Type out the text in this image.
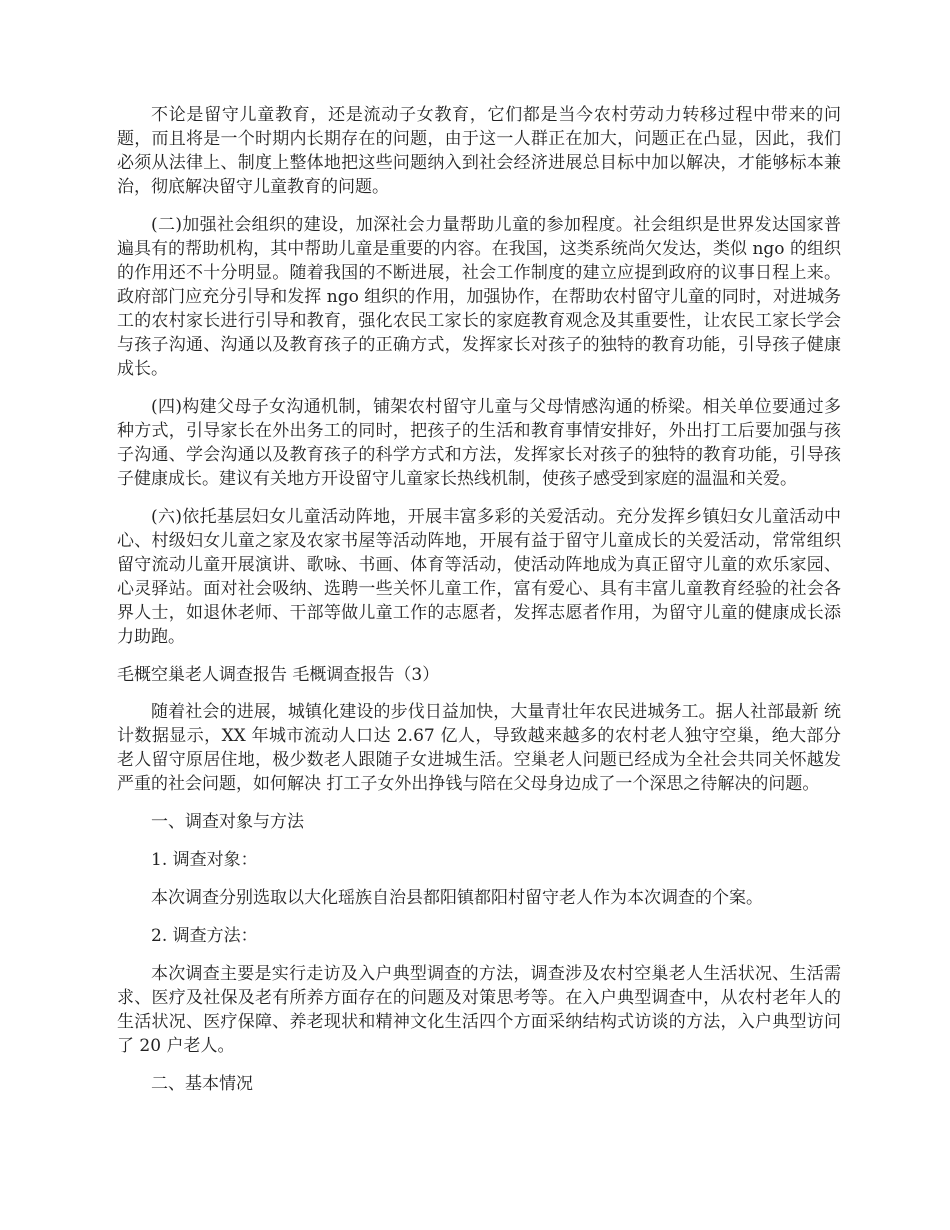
不论是留守儿童教育，还是流动子女教育，它们都是当今农村劳动力转移过程中带来的问题，而且将是一个时期内长期存在的问题，由于这一人群正在加大，问题正在凸显，因此，我们必须从法律上、制度上整体地把这些问题纳入到社会经济进展总目标中加以解决，才能够标本兼治，彻底解决留守儿童教育的问题。

(二)加强社会组织的建设，加深社会力量帮助儿童的参加程度。社会组织是世界发达国家普遍具有的帮助机构，其中帮助儿童是重要的内容。在我国，这类系统尚欠发达，类似 ngo 的组织的作用还不十分明显。随着我国的不断进展，社会工作制度的建立应提到政府的议事日程上来。政府部门应充分引导和发挥 ngo 组织的作用，加强协作，在帮助农村留守儿童的同时，对进城务工的农村家长进行引导和教育，强化农民工家长的家庭教育观念及其重要性，让农民工家长学会与孩子沟通、沟通以及教育孩子的正确方式，发挥家长对孩子的独特的教育功能，引导孩子健康成长。

(四)构建父母子女沟通机制，铺架农村留守儿童与父母情感沟通的桥梁。相关单位要通过多种方式，引导家长在外出务工的同时，把孩子的生活和教育事情安排好，外出打工后要加强与孩子沟通、学会沟通以及教育孩子的科学方式和方法，发挥家长对孩子的独特的教育功能，引导孩子健康成长。建议有关地方开设留守儿童家长热线机制，使孩子感受到家庭的温温和关爱。

(六)依托基层妇女儿童活动阵地，开展丰富多彩的关爱活动。充分发挥乡镇妇女儿童活动中心、村级妇女儿童之家及农家书屋等活动阵地，开展有益于留守儿童成长的关爱活动，常常组织留守流动儿童开展演讲、歌咏、书画、体育等活动，使活动阵地成为真正留守儿童的欢乐家园、心灵驿站。面对社会吸纳、选聘一些关怀儿童工作，富有爱心、具有丰富儿童教育经验的社会各界人士，如退休老师、干部等做儿童工作的志愿者，发挥志愿者作用，为留守儿童的健康成长添力助跑。

毛概空巢老人调查报告 毛概调查报告（3）

随着社会的进展，城镇化建设的步伐日益加快，大量青壮年农民进城务工。据人社部最新 统计数据显示，XX 年城市流动人口达 2.67 亿人，导致越来越多的农村老人独守空巢，绝大部分老人留守原居住地，极少数老人跟随子女进城生活。空巢老人问题已经成为全社会共同关怀越发严重的社会问题，如何解决 打工子女外出挣钱与陪在父母身边成了一个深思之待解决的问题。

一、调查对象与方法

1. 调查对象：

本次调查分别选取以大化瑶族自治县都阳镇都阳村留守老人作为本次调查的个案。

2. 调查方法：

本次调查主要是实行走访及入户典型调查的方法，调查涉及农村空巢老人生活状况、生活需求、医疗及社保及老有所养方面存在的问题及对策思考等。在入户典型调查中，从农村老年人的生活状况、医疗保障、养老现状和精神文化生活四个方面采纳结构式访谈的方法，入户典型访问了 20 户老人。

二、基本情况
